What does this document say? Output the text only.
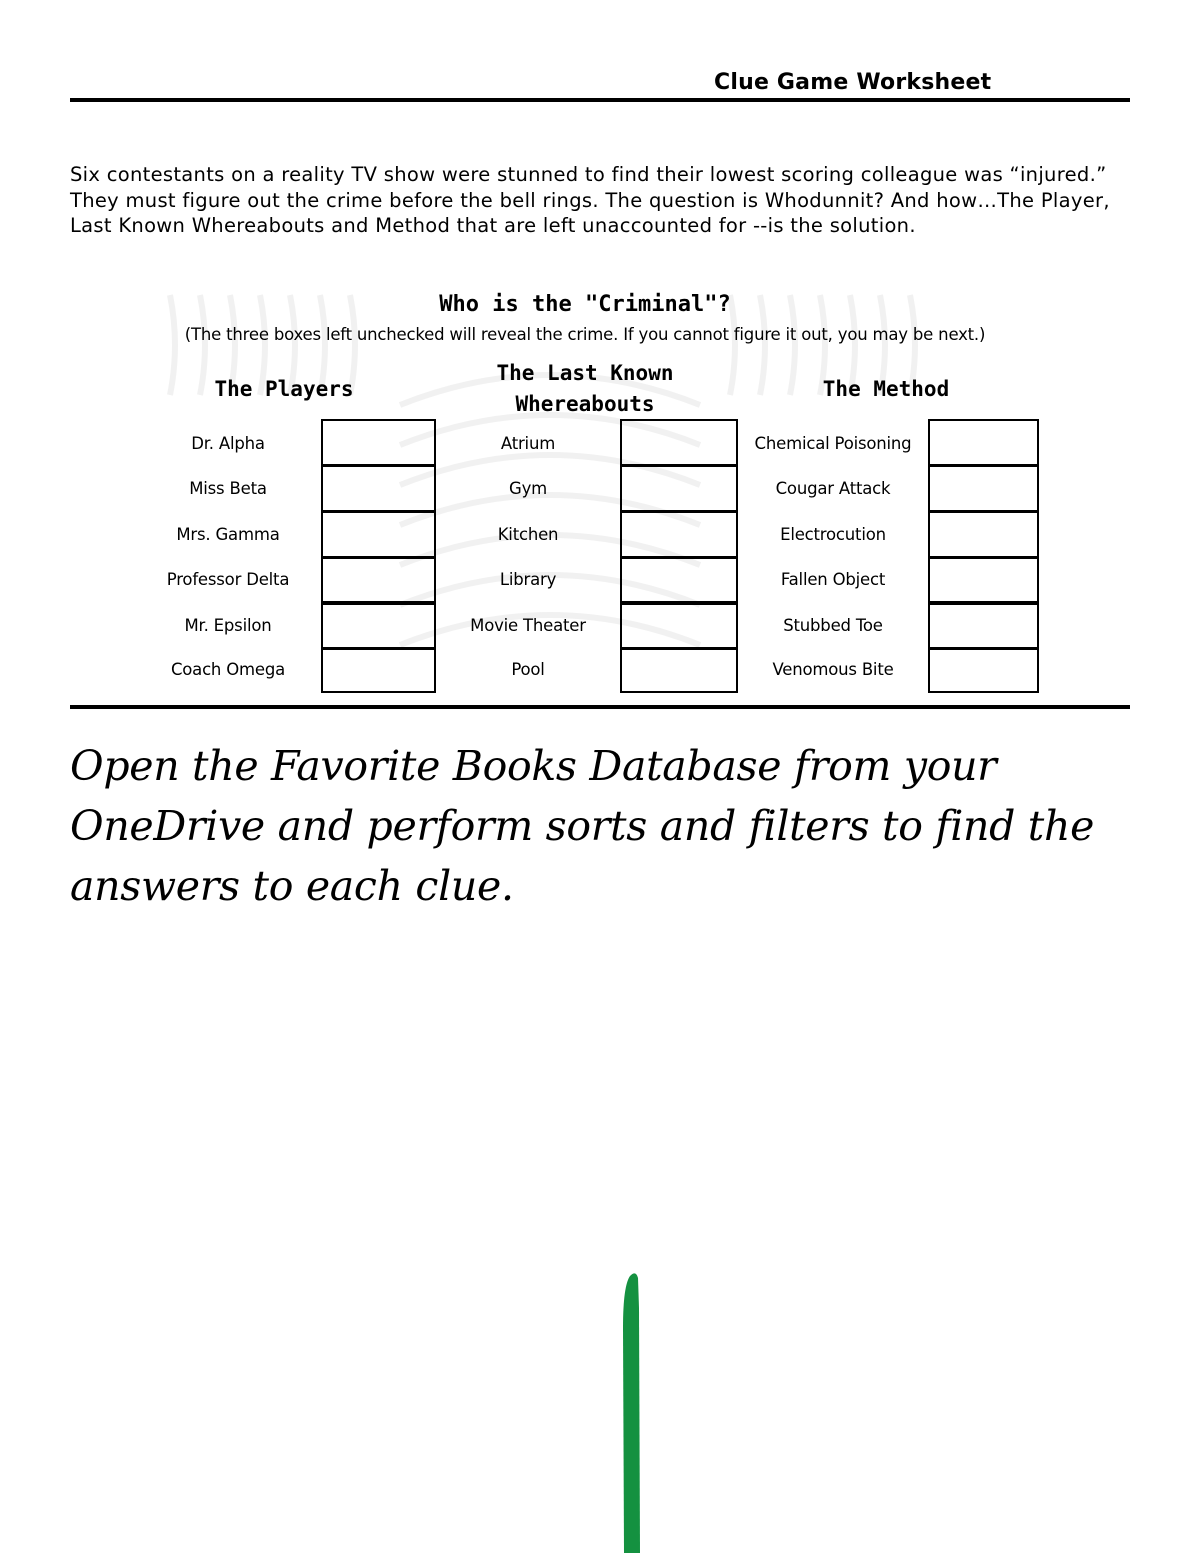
Clue Game Worksheet

Six contestants on a reality TV show were stunned to find their lowest scoring colleague was “injured.” They must figure out the crime before the bell rings. The question is Whodunnit? And how…The Player, Last Known Whereabouts and Method that are left unaccounted for --is the solution.

Who is the "Criminal"?
(The three boxes left unchecked will reveal the crime. If you cannot figure it out, you may be next.)
The Players
The Last Known Whereabouts
The Method
Dr. Alpha
Miss Beta
Mrs. Gamma
Professor Delta
Mr. Epsilon
Coach Omega
Atrium
Gym
Kitchen
Library
Movie Theater
Pool
Chemical Poisoning
Cougar Attack
Electrocution
Fallen Object
Stubbed Toe
Venomous Bite

Open the Favorite Books Database from your OneDrive and perform sorts and filters to find the answers to each clue.
